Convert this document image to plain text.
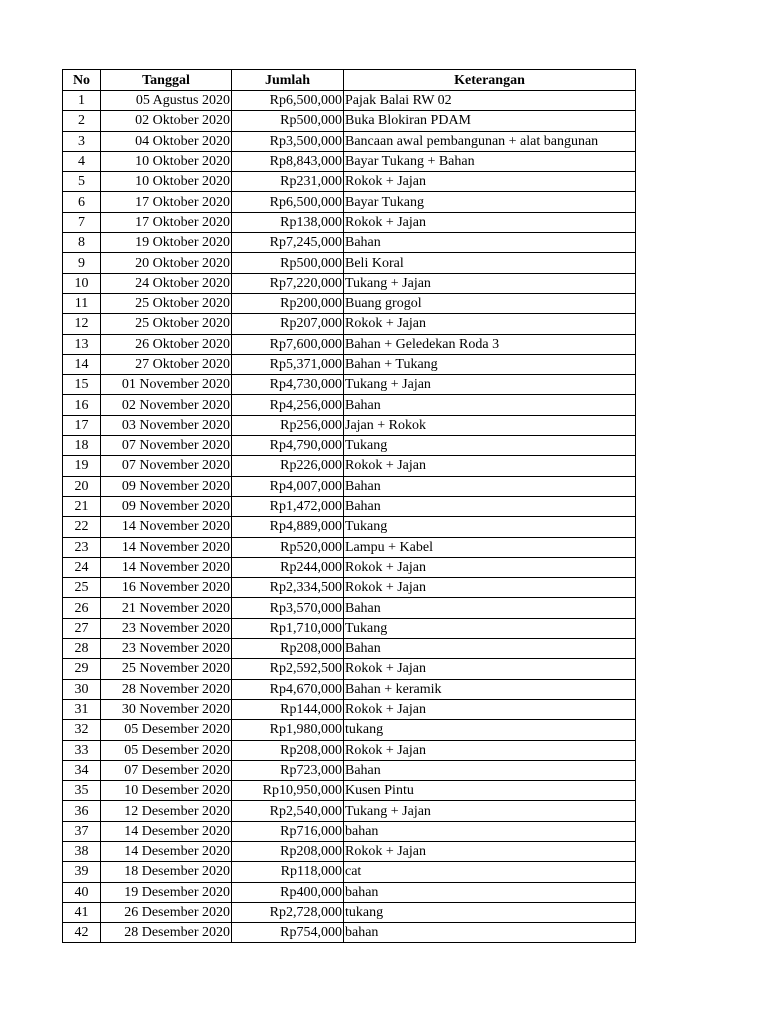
No	Tanggal	Jumlah	Keterangan
1	05 Agustus 2020	Rp6,500,000	Pajak Balai RW 02
2	02 Oktober 2020	Rp500,000	Buka Blokiran PDAM
3	04 Oktober 2020	Rp3,500,000	Bancaan awal pembangunan + alat bangunan
4	10 Oktober 2020	Rp8,843,000	Bayar Tukang + Bahan
5	10 Oktober 2020	Rp231,000	Rokok + Jajan
6	17 Oktober 2020	Rp6,500,000	Bayar Tukang
7	17 Oktober 2020	Rp138,000	Rokok + Jajan
8	19 Oktober 2020	Rp7,245,000	Bahan
9	20 Oktober 2020	Rp500,000	Beli Koral
10	24 Oktober 2020	Rp7,220,000	Tukang + Jajan
11	25 Oktober 2020	Rp200,000	Buang grogol
12	25 Oktober 2020	Rp207,000	Rokok + Jajan
13	26 Oktober 2020	Rp7,600,000	Bahan + Geledekan Roda 3
14	27 Oktober 2020	Rp5,371,000	Bahan + Tukang
15	01 November 2020	Rp4,730,000	Tukang + Jajan
16	02 November 2020	Rp4,256,000	Bahan
17	03 November 2020	Rp256,000	Jajan + Rokok
18	07 November 2020	Rp4,790,000	Tukang
19	07 November 2020	Rp226,000	Rokok + Jajan
20	09 November 2020	Rp4,007,000	Bahan
21	09 November 2020	Rp1,472,000	Bahan
22	14 November 2020	Rp4,889,000	Tukang
23	14 November 2020	Rp520,000	Lampu + Kabel
24	14 November 2020	Rp244,000	Rokok + Jajan
25	16 November 2020	Rp2,334,500	Rokok + Jajan
26	21 November 2020	Rp3,570,000	Bahan
27	23 November 2020	Rp1,710,000	Tukang
28	23 November 2020	Rp208,000	Bahan
29	25 November 2020	Rp2,592,500	Rokok + Jajan
30	28 November 2020	Rp4,670,000	Bahan + keramik
31	30 November 2020	Rp144,000	Rokok + Jajan
32	05 Desember 2020	Rp1,980,000	tukang
33	05 Desember 2020	Rp208,000	Rokok + Jajan
34	07 Desember 2020	Rp723,000	Bahan
35	10 Desember 2020	Rp10,950,000	Kusen Pintu
36	12 Desember 2020	Rp2,540,000	Tukang + Jajan
37	14 Desember 2020	Rp716,000	bahan
38	14 Desember 2020	Rp208,000	Rokok + Jajan
39	18 Desember 2020	Rp118,000	cat
40	19 Desember 2020	Rp400,000	bahan
41	26 Desember 2020	Rp2,728,000	tukang
42	28 Desember 2020	Rp754,000	bahan
